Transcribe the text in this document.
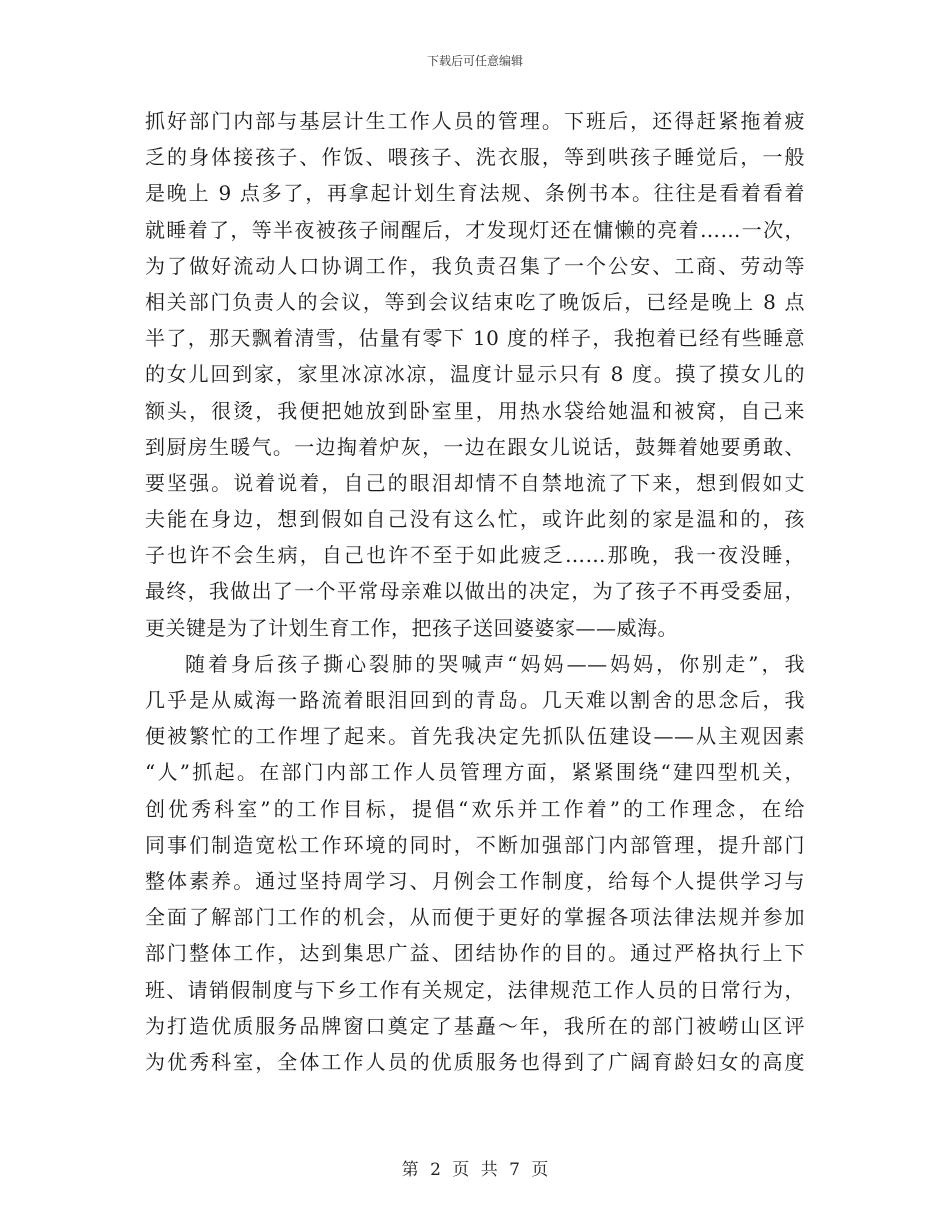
下载后可任意编辑

抓好部门内部与基层计生工作人员的管理。下班后，还得赶紧拖着疲
乏的身体接孩子、作饭、喂孩子、洗衣服，等到哄孩子睡觉后，一般
是晚上 9 点多了，再拿起计划生育法规、条例书本。往往是看着看着
就睡着了，等半夜被孩子闹醒后，才发现灯还在慵懒的亮着……一次，
为了做好流动人口协调工作，我负责召集了一个公安、工商、劳动等
相关部门负责人的会议，等到会议结束吃了晚饭后，已经是晚上 8 点
半了，那天飘着清雪，估量有零下 10 度的样子，我抱着已经有些睡意
的女儿回到家，家里冰凉冰凉，温度计显示只有 8 度。摸了摸女儿的
额头，很烫，我便把她放到卧室里，用热水袋给她温和被窝，自己来
到厨房生暖气。一边掏着炉灰，一边在跟女儿说话，鼓舞着她要勇敢、
要坚强。说着说着，自己的眼泪却情不自禁地流了下来，想到假如丈
夫能在身边，想到假如自己没有这么忙，或许此刻的家是温和的，孩
子也许不会生病，自己也许不至于如此疲乏……那晚，我一夜没睡，
最终，我做出了一个平常母亲难以做出的决定，为了孩子不再受委屈，
更关键是为了计划生育工作，把孩子送回婆婆家——威海。

随着身后孩子撕心裂肺的哭喊声“妈妈——妈妈，你别走”，我
几乎是从威海一路流着眼泪回到的青岛。几天难以割舍的思念后，我
便被繁忙的工作埋了起来。首先我决定先抓队伍建设——从主观因素
“人”抓起。在部门内部工作人员管理方面，紧紧围绕“建四型机关，
创优秀科室”的工作目标，提倡“欢乐并工作着”的工作理念，在给
同事们制造宽松工作环境的同时，不断加强部门内部管理，提升部门
整体素养。通过坚持周学习、月例会工作制度，给每个人提供学习与
全面了解部门工作的机会，从而便于更好的掌握各项法律法规并参加
部门整体工作，达到集思广益、团结协作的目的。通过严格执行上下
班、请销假制度与下乡工作有关规定，法律规范工作人员的日常行为，
为打造优质服务品牌窗口奠定了基矗～年，我所在的部门被崂山区评
为优秀科室，全体工作人员的优质服务也得到了广阔育龄妇女的高度

第 2 页 共 7 页
